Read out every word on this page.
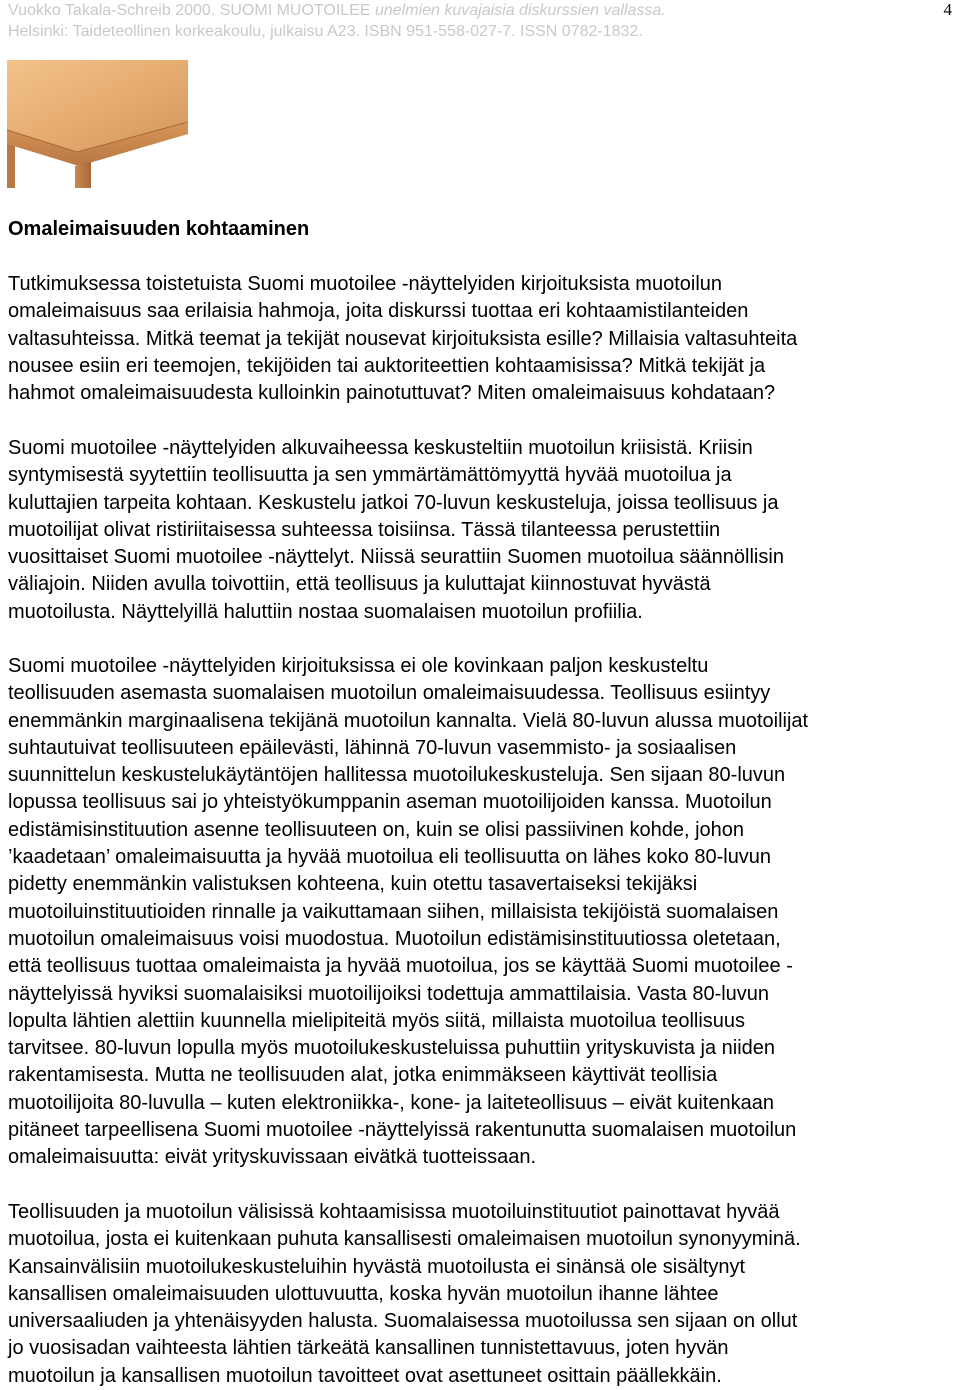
Vuokko Takala-Schreib 2000. SUOMI MUOTOILEE unelmien kuvajaisia diskurssien vallassa.
Helsinki: Taideteollinen korkeakoulu, julkaisu A23. ISBN 951-558-027-7. ISSN 0782-1832.
4
Omaleimaisuuden kohtaaminen

Tutkimuksessa toistetuista Suomi muotoilee -näyttelyiden kirjoituksista muotoilun
omaleimaisuus saa erilaisia hahmoja, joita diskurssi tuottaa eri kohtaamistilanteiden
valtasuhteissa. Mitkä teemat ja tekijät nousevat kirjoituksista esille? Millaisia valtasuhteita
nousee esiin eri teemojen, tekijöiden tai auktoriteettien kohtaamisissa? Mitkä tekijät ja
hahmot omaleimaisuudesta kulloinkin painotuttuvat? Miten omaleimaisuus kohdataan?

Suomi muotoilee -näyttelyiden alkuvaiheessa keskusteltiin muotoilun kriisistä. Kriisin
syntymisestä syytettiin teollisuutta ja sen ymmärtämättömyyttä hyvää muotoilua ja
kuluttajien tarpeita kohtaan. Keskustelu jatkoi 70-luvun keskusteluja, joissa teollisuus ja
muotoilijat olivat ristiriitaisessa suhteessa toisiinsa. Tässä tilanteessa perustettiin
vuosittaiset Suomi muotoilee -näyttelyt. Niissä seurattiin Suomen muotoilua säännöllisin
väliajoin. Niiden avulla toivottiin, että teollisuus ja kuluttajat kiinnostuvat hyvästä
muotoilusta. Näyttelyillä haluttiin nostaa suomalaisen muotoilun profiilia.

Suomi muotoilee -näyttelyiden kirjoituksissa ei ole kovinkaan paljon keskusteltu
teollisuuden asemasta suomalaisen muotoilun omaleimaisuudessa. Teollisuus esiintyy
enemmänkin marginaalisena tekijänä muotoilun kannalta. Vielä 80-luvun alussa muotoilijat
suhtautuivat teollisuuteen epäilevästi, lähinnä 70-luvun vasemmisto- ja sosiaalisen
suunnittelun keskustelukäytäntöjen hallitessa muotoilukeskusteluja. Sen sijaan 80-luvun
lopussa teollisuus sai jo yhteistyökumppanin aseman muotoilijoiden kanssa. Muotoilun
edistämisinstituution asenne teollisuuteen on, kuin se olisi passiivinen kohde, johon
’kaadetaan’ omaleimaisuutta ja hyvää muotoilua eli teollisuutta on lähes koko 80-luvun
pidetty enemmänkin valistuksen kohteena, kuin otettu tasavertaiseksi tekijäksi
muotoiluinstituutioiden rinnalle ja vaikuttamaan siihen, millaisista tekijöistä suomalaisen
muotoilun omaleimaisuus voisi muodostua. Muotoilun edistämisinstituutiossa oletetaan,
että teollisuus tuottaa omaleimaista ja hyvää muotoilua, jos se käyttää Suomi muotoilee -
näyttelyissä hyviksi suomalaisiksi muotoilijoiksi todettuja ammattilaisia. Vasta 80-luvun
lopulta lähtien alettiin kuunnella mielipiteitä myös siitä, millaista muotoilua teollisuus
tarvitsee. 80-luvun lopulla myös muotoilukeskusteluissa puhuttiin yrityskuvista ja niiden
rakentamisesta. Mutta ne teollisuuden alat, jotka enimmäkseen käyttivät teollisia
muotoilijoita 80-luvulla – kuten elektroniikka-, kone- ja laiteteollisuus – eivät kuitenkaan
pitäneet tarpeellisena Suomi muotoilee -näyttelyissä rakentunutta suomalaisen muotoilun
omaleimaisuutta: eivät yrityskuvissaan eivätkä tuotteissaan.

Teollisuuden ja muotoilun välisissä kohtaamisissa muotoiluinstituutiot painottavat hyvää
muotoilua, josta ei kuitenkaan puhuta kansallisesti omaleimaisen muotoilun synonyyminä.
Kansainvälisiin muotoilukeskusteluihin hyvästä muotoilusta ei sinänsä ole sisältynyt
kansallisen omaleimaisuuden ulottuvuutta, koska hyvän muotoilun ihanne lähtee
universaaliuden ja yhtenäisyyden halusta. Suomalaisessa muotoilussa sen sijaan on ollut
jo vuosisadan vaihteesta lähtien tärkeätä kansallinen tunnistettavuus, joten hyvän
muotoilun ja kansallisen muotoilun tavoitteet ovat asettuneet osittain päällekkäin.
